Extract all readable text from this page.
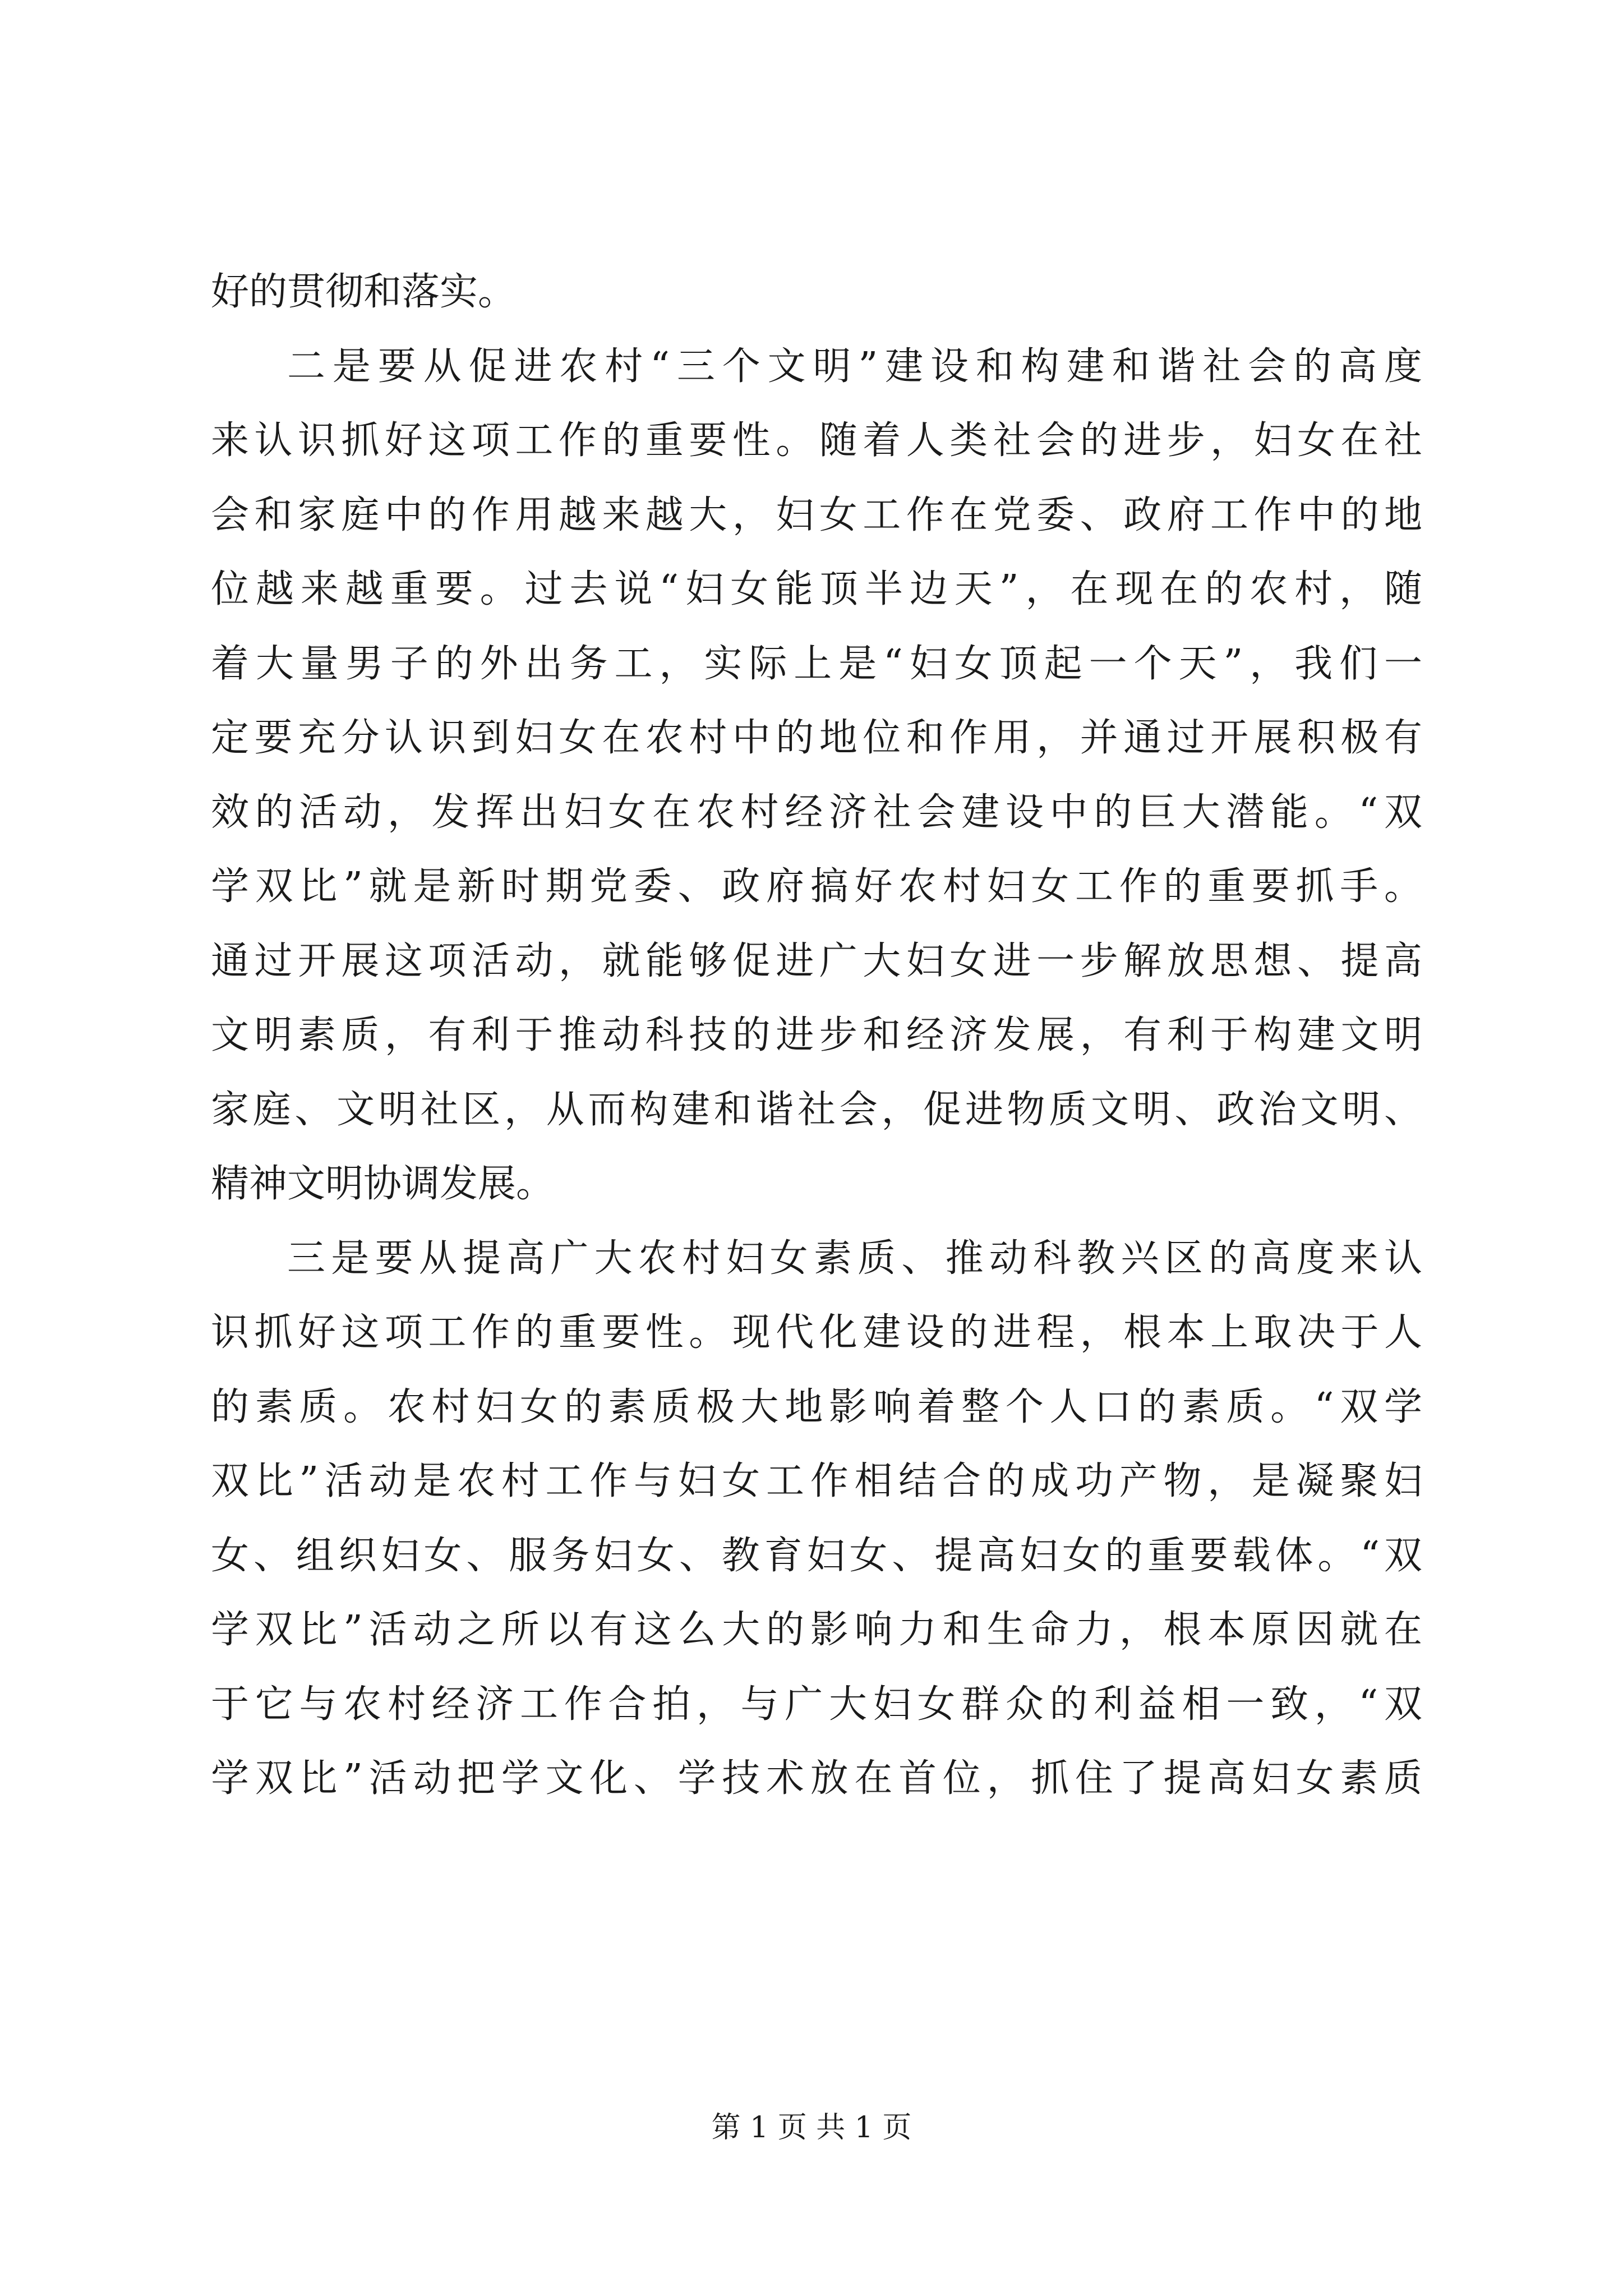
好的贯彻和落实。
二是要从促进农村“三个文明”建设和构建和谐社会的高度
来认识抓好这项工作的重要性。随着人类社会的进步，妇女在社
会和家庭中的作用越来越大，妇女工作在党委、政府工作中的地
位越来越重要。过去说“妇女能顶半边天”，在现在的农村，随
着大量男子的外出务工，实际上是“妇女顶起一个天”，我们一
定要充分认识到妇女在农村中的地位和作用，并通过开展积极有
效的活动，发挥出妇女在农村经济社会建设中的巨大潜能。“双
学双比”就是新时期党委、政府搞好农村妇女工作的重要抓手。
通过开展这项活动，就能够促进广大妇女进一步解放思想、提高
文明素质，有利于推动科技的进步和经济发展，有利于构建文明
家庭、文明社区，从而构建和谐社会，促进物质文明、政治文明、
精神文明协调发展。
三是要从提高广大农村妇女素质、推动科教兴区的高度来认
识抓好这项工作的重要性。现代化建设的进程，根本上取决于人
的素质。农村妇女的素质极大地影响着整个人口的素质。“双学
双比”活动是农村工作与妇女工作相结合的成功产物，是凝聚妇
女、组织妇女、服务妇女、教育妇女、提高妇女的重要载体。“双
学双比”活动之所以有这么大的影响力和生命力，根本原因就在
于它与农村经济工作合拍，与广大妇女群众的利益相一致，“双
学双比”活动把学文化、学技术放在首位，抓住了提高妇女素质
第 1 页 共 1 页
